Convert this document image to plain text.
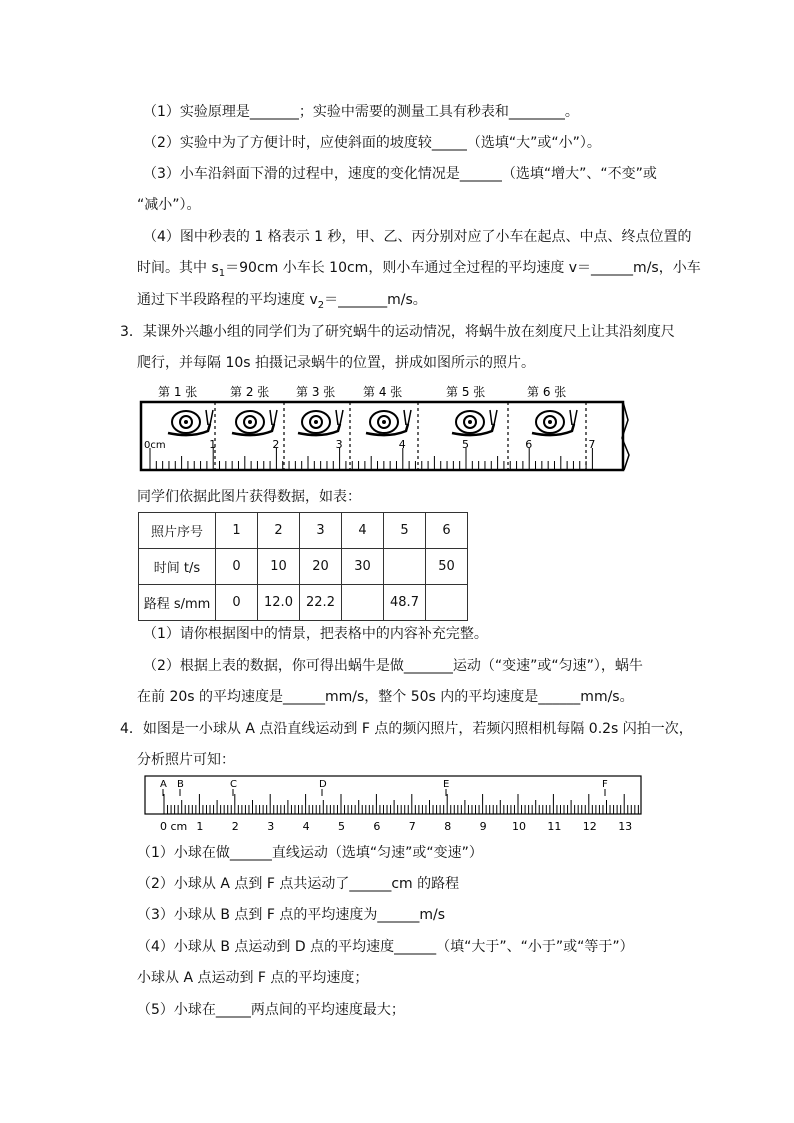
（1）实验原理是_______；实验中需要的测量工具有秒表和________。
（2）实验中为了方便计时，应使斜面的坡度较_____（选填“大”或“小”）。
（3）小车沿斜面下滑的过程中，速度的变化情况是______（选填“增大”、“不变”或
“减小”）。
（4）图中秒表的 1 格表示 1 秒，甲、乙、丙分别对应了小车在起点、中点、终点位置的
时间。其中 $s_1=90cm$ 小车长 10cm，则小车通过全过程的平均速度 v＝______m/s，小车
通过下半段路程的平均速度 $v_2=\_\_\_\_\_\_\_m/s$。
3．某课外兴趣小组的同学们为了研究蜗牛的运动情况，将蜗牛放在刻度尺上让其沿刻度尺
爬行，并每隔 10s 拍摄记录蜗牛的位置，拼成如图所示的照片。
第 1 张	第 2 张 第 3 张 第 4 张	第 5 张	第 6 张
0cm	1	2	3	4	5	6	7
同学们依据此图片获得数据，如表：
照片序号	1	2	3	4	5	6
时间 t/s	0	10	20	30		50
路程 s/mm	0	12.0	22.2		48.7	
（1）请你根据图中的情景，把表格中的内容补充完整。
（2）根据上表的数据，你可得出蜗牛是做_______运动（“变速”或“匀速”），蜗牛
在前 20s 的平均速度是______mm/s，整个 50s 内的平均速度是______mm/s。
4．如图是一小球从 A 点沿直线运动到 F 点的频闪照片，若频闪照相机每隔 0.2s 闪拍一次，
分析照片可知：
A B	C	D	E	F
0 cm 1	2	3	4	5	6	7	8	9 10 11 12 13
（1）小球在做______直线运动（选填“匀速”或“变速”）
（2）小球从 A 点到 F 点共运动了______cm 的路程
（3）小球从 B 点到 F 点的平均速度为______m/s
（4）小球从 B 点运动到 D 点的平均速度______（填“大于”、“小于”或“等于”）
小球从 A 点运动到 F 点的平均速度；
（5）小球在_____两点间的平均速度最大；
